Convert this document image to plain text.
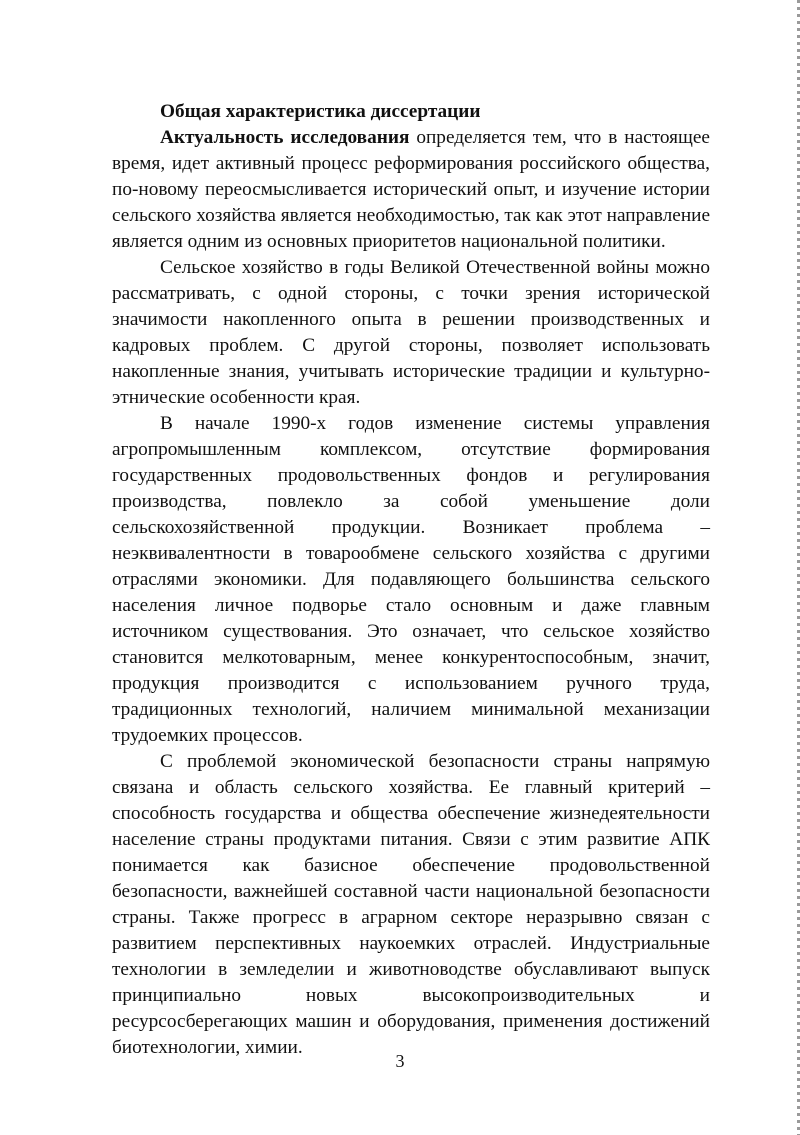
Общая характеристика диссертации

Актуальность исследования определяется тем, что в настоящее время, идет активный процесс реформирования российского общества, по-новому переосмысливается исторический опыт, и изучение истории сельского хозяйства является необходимостью, так как этот направление является одним из основных приоритетов национальной политики.

Сельское хозяйство в годы Великой Отечественной войны можно рассматривать, с одной стороны, с точки зрения исторической значимости накопленного опыта в решении производственных и кадровых проблем. С другой стороны, позволяет использовать накопленные знания, учитывать исторические традиции и культурно-этнические особенности края.

В начале 1990-х годов изменение системы управления агропромышленным комплексом, отсутствие формирования государственных продовольственных фондов и регулирования производства, повлекло за собой уменьшение доли сельскохозяйственной продукции. Возникает проблема – неэквивалентности в товарообмене сельского хозяйства с другими отраслями экономики. Для подавляющего большинства сельского населения личное подворье стало основным и даже главным источником существования. Это означает, что сельское хозяйство становится мелкотоварным, менее конкурентоспособным, значит, продукция производится с использованием ручного труда, традиционных технологий, наличием минимальной механизации трудоемких процессов.

С проблемой экономической безопасности страны напрямую связана и область сельского хозяйства. Ее главный критерий – способность государства и общества обеспечение жизнедеятельности население страны продуктами питания. Связи с этим развитие АПК понимается как базисное обеспечение продовольственной безопасности, важнейшей составной части национальной безопасности страны. Также прогресс в аграрном секторе неразрывно связан с развитием перспективных наукоемких отраслей. Индустриальные технологии в земледелии и животноводстве обуславливают выпуск принципиально новых высокопроизводительных и ресурсосберегающих машин и оборудования, применения достижений биотехнологии, химии.

3
